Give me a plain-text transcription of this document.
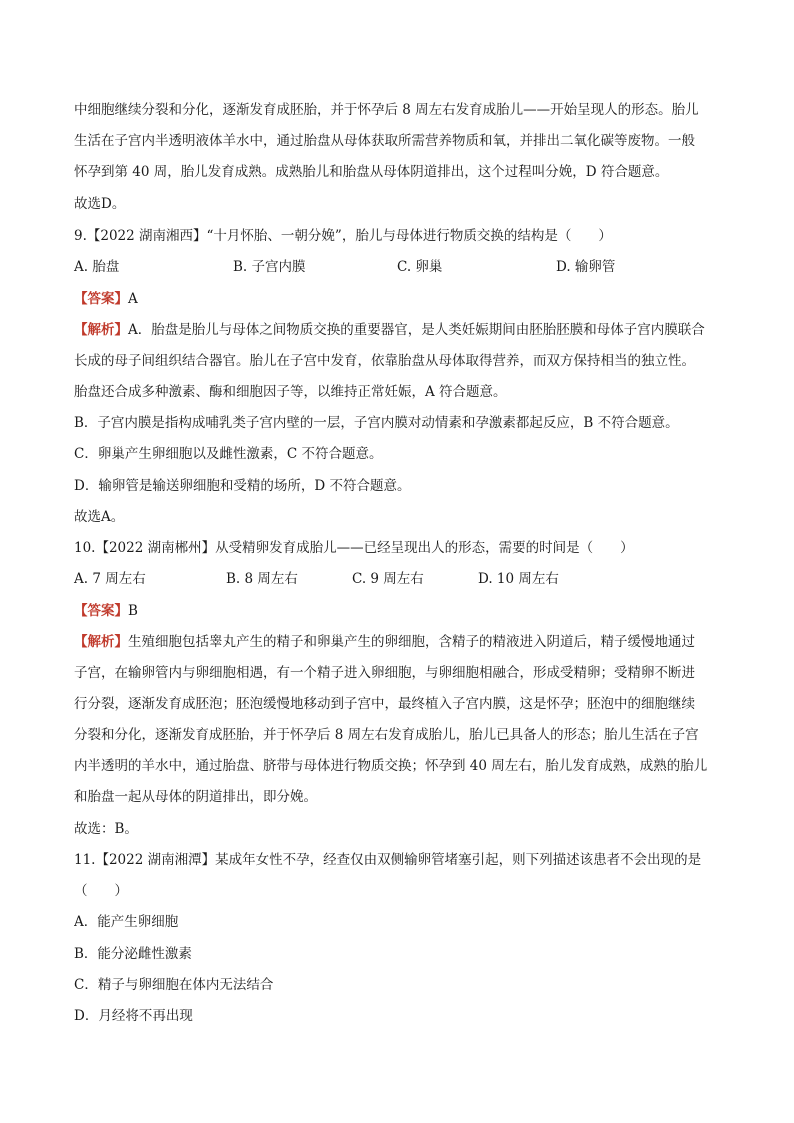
中细胞继续分裂和分化，逐渐发育成胚胎，并于怀孕后 8 周左右发育成胎儿——开始呈现人的形态。胎儿
生活在子宫内半透明液体羊水中，通过胎盘从母体获取所需营养物质和氧，并排出二氧化碳等废物。一般
怀孕到第 40 周，胎儿发育成熟。成熟胎儿和胎盘从母体阴道排出，这个过程叫分娩，D 符合题意。
故选D。
9.【2022 湖南湘西】“十月怀胎、一朝分娩”，胎儿与母体进行物质交换的结构是（　　）
A. 胎盘	B. 子宫内膜	C. 卵巢	D. 输卵管
【答案】A
【解析】A．胎盘是胎儿与母体之间物质交换的重要器官，是人类妊娠期间由胚胎胚膜和母体子宫内膜联合
长成的母子间组织结合器官。胎儿在子宫中发育，依靠胎盘从母体取得营养，而双方保持相当的独立性。
胎盘还合成多种激素、酶和细胞因子等，以维持正常妊娠，A 符合题意。
B．子宫内膜是指构成哺乳类子宫内壁的一层，子宫内膜对动情素和孕激素都起反应，B 不符合题意。
C．卵巢产生卵细胞以及雌性激素，C 不符合题意。
D．输卵管是输送卵细胞和受精的场所，D 不符合题意。
故选A。
10.【2022 湖南郴州】从受精卵发育成胎儿——已经呈现出人的形态，需要的时间是（　　）
A. 7 周左右	B. 8 周左右	C. 9 周左右	D. 10 周左右
【答案】B
【解析】生殖细胞包括睾丸产生的精子和卵巢产生的卵细胞，含精子的精液进入阴道后，精子缓慢地通过
子宫，在输卵管内与卵细胞相遇，有一个精子进入卵细胞，与卵细胞相融合，形成受精卵；受精卵不断进
行分裂，逐渐发育成胚泡；胚泡缓慢地移动到子宫中，最终植入子宫内膜，这是怀孕；胚泡中的细胞继续
分裂和分化，逐渐发育成胚胎，并于怀孕后 8 周左右发育成胎儿，胎儿已具备人的形态；胎儿生活在子宫
内半透明的羊水中，通过胎盘、脐带与母体进行物质交换；怀孕到 40 周左右，胎儿发育成熟，成熟的胎儿
和胎盘一起从母体的阴道排出，即分娩。
故选：B。
11.【2022 湖南湘潭】某成年女性不孕，经查仅由双侧输卵管堵塞引起，则下列描述该患者不会出现的是
（　　）
A．能产生卵细胞
B．能分泌雌性激素
C．精子与卵细胞在体内无法结合
D．月经将不再出现
